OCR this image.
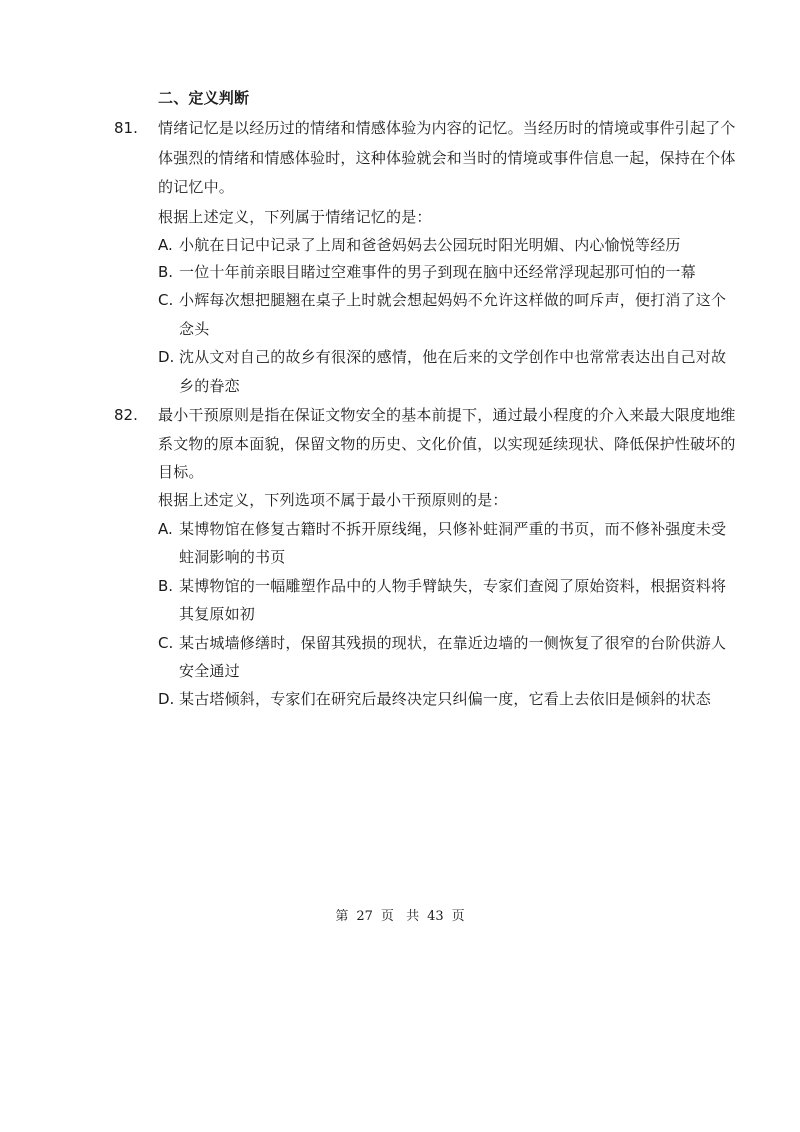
二、定义判断
81. 情绪记忆是以经历过的情绪和情感体验为内容的记忆。当经历时的情境或事件引起了个
体强烈的情绪和情感体验时，这种体验就会和当时的情境或事件信息一起，保持在个体
的记忆中。
根据上述定义，下列属于情绪记忆的是：
A. 小航在日记中记录了上周和爸爸妈妈去公园玩时阳光明媚、内心愉悦等经历
B. 一位十年前亲眼目睹过空难事件的男子到现在脑中还经常浮现起那可怕的一幕
C. 小辉每次想把腿翘在桌子上时就会想起妈妈不允许这样做的呵斥声，便打消了这个
念头
D. 沈从文对自己的故乡有很深的感情，他在后来的文学创作中也常常表达出自己对故
乡的眷恋
82. 最小干预原则是指在保证文物安全的基本前提下，通过最小程度的介入来最大限度地维
系文物的原本面貌，保留文物的历史、文化价值，以实现延续现状、降低保护性破坏的
目标。
根据上述定义，下列选项不属于最小干预原则的是：
A. 某博物馆在修复古籍时不拆开原线绳，只修补蛀洞严重的书页，而不修补强度未受
蛀洞影响的书页
B. 某博物馆的一幅雕塑作品中的人物手臂缺失，专家们查阅了原始资料，根据资料将
其复原如初
C. 某古城墙修缮时，保留其残损的现状，在靠近边墙的一侧恢复了很窄的台阶供游人
安全通过
D. 某古塔倾斜，专家们在研究后最终决定只纠偏一度，它看上去依旧是倾斜的状态
第 27 页 共 43 页
